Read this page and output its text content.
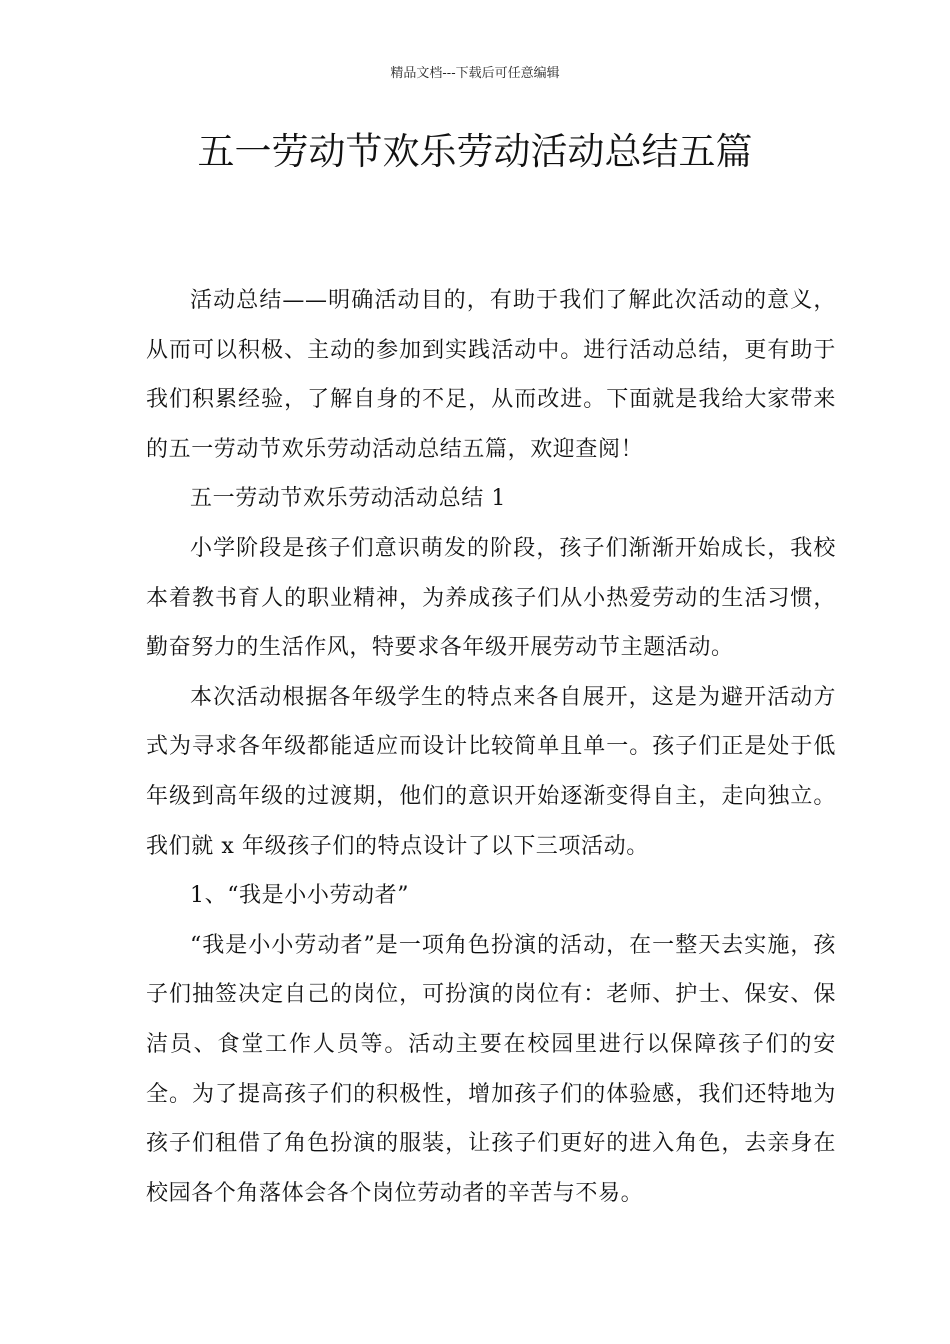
精品文档---下载后可任意编辑
五一劳动节欢乐劳动活动总结五篇

活动总结——明确活动目的，有助于我们了解此次活动的意义，从而可以积极、主动的参加到实践活动中。进行活动总结，更有助于我们积累经验，了解自身的不足，从而改进。下面就是我给大家带来的五一劳动节欢乐劳动活动总结五篇，欢迎查阅！

五一劳动节欢乐劳动活动总结 1

小学阶段是孩子们意识萌发的阶段，孩子们渐渐开始成长，我校本着教书育人的职业精神，为养成孩子们从小热爱劳动的生活习惯，勤奋努力的生活作风，特要求各年级开展劳动节主题活动。

本次活动根据各年级学生的特点来各自展开，这是为避开活动方式为寻求各年级都能适应而设计比较简单且单一。孩子们正是处于低年级到高年级的过渡期，他们的意识开始逐渐变得自主，走向独立。我们就 x 年级孩子们的特点设计了以下三项活动。

1、“我是小小劳动者”

“我是小小劳动者”是一项角色扮演的活动，在一整天去实施，孩子们抽签决定自己的岗位，可扮演的岗位有：老师、护士、保安、保洁员、食堂工作人员等。活动主要在校园里进行以保障孩子们的安全。为了提高孩子们的积极性，增加孩子们的体验感，我们还特地为孩子们租借了角色扮演的服装，让孩子们更好的进入角色，去亲身在校园各个角落体会各个岗位劳动者的辛苦与不易。
